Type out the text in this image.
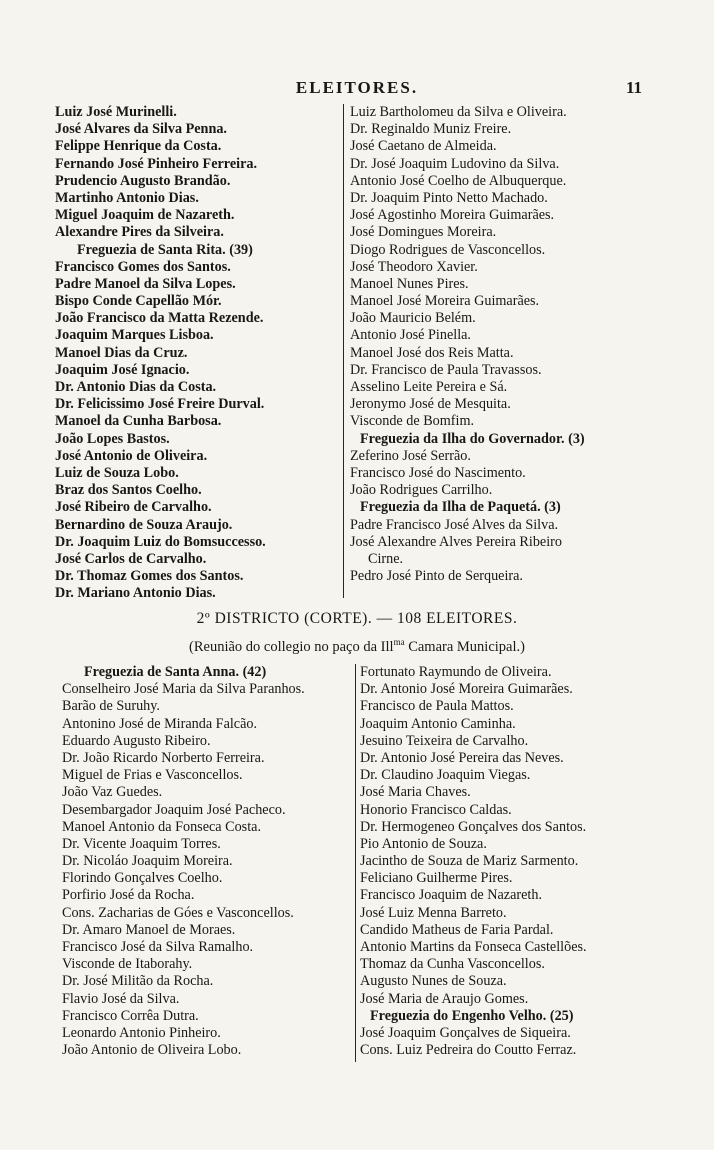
ELEITORES.	11
Luiz José Murinelli.
José Alvares da Silva Penna.
Felippe Henrique da Costa.
Fernando José Pinheiro Ferreira.
Prudencio Augusto Brandão.
Martinho Antonio Dias.
Miguel Joaquim de Nazareth.
Alexandre Pires da Silveira.
Freguezia de Santa Rita. (39)
Francisco Gomes dos Santos.
Padre Manoel da Silva Lopes.
Bispo Conde Capellão Mór.
João Francisco da Matta Rezende.
Joaquim Marques Lisboa.
Manoel Dias da Cruz.
Joaquim José Ignacio.
Dr. Antonio Dias da Costa.
Dr. Felicissimo José Freire Durval.
Manoel da Cunha Barbosa.
João Lopes Bastos.
José Antonio de Oliveira.
Luiz de Souza Lobo.
Braz dos Santos Coelho.
José Ribeiro de Carvalho.
Bernardino de Souza Araujo.
Dr. Joaquim Luiz do Bomsuccesso.
José Carlos de Carvalho.
Dr. Thomaz Gomes dos Santos.
Dr. Mariano Antonio Dias.
Luiz Bartholomeu da Silva e Oliveira.
Dr. Reginaldo Muniz Freire.
José Caetano de Almeida.
Dr. José Joaquim Ludovino da Silva.
Antonio José Coelho de Albuquerque.
Dr. Joaquim Pinto Netto Machado.
José Agostinho Moreira Guimarães.
José Domingues Moreira.
Diogo Rodrigues de Vasconcellos.
José Theodoro Xavier.
Manoel Nunes Pires.
Manoel José Moreira Guimarães.
João Mauricio Belém.
Antonio José Pinella.
Manoel José dos Reis Matta.
Dr. Francisco de Paula Travassos.
Asselino Leite Pereira e Sá.
Jeronymo José de Mesquita.
Visconde de Bomfim.
Freguezia da Ilha do Governador. (3)
Zeferino José Serrão.
Francisco José do Nascimento.
João Rodrigues Carrilho.
Freguezia da Ilha de Paquetá. (3)
Padre Francisco José Alves da Silva.
José Alexandre Alves Pereira Ribeiro
Cirne.
Pedro José Pinto de Serqueira.
2º DISTRICTO (CORTE). — 108 ELEITORES.
(Reunião do collegio no paço da Ill$^{ma}$ Camara Municipal.)
Freguezia de Santa Anna. (42)
Conselheiro José Maria da Silva Paranhos.
Barão de Suruhy.
Antonino José de Miranda Falcão.
Eduardo Augusto Ribeiro.
Dr. João Ricardo Norberto Ferreira.
Miguel de Frias e Vasconcellos.
João Vaz Guedes.
Desembargador Joaquim José Pacheco.
Manoel Antonio da Fonseca Costa.
Dr. Vicente Joaquim Torres.
Dr. Nicoláo Joaquim Moreira.
Florindo Gonçalves Coelho.
Porfirio José da Rocha.
Cons. Zacharias de Góes e Vasconcellos.
Dr. Amaro Manoel de Moraes.
Francisco José da Silva Ramalho.
Visconde de Itaborahy.
Dr. José Militão da Rocha.
Flavio José da Silva.
Francisco Corrêa Dutra.
Leonardo Antonio Pinheiro.
João Antonio de Oliveira Lobo.
Fortunato Raymundo de Oliveira.
Dr. Antonio José Moreira Guimarães.
Francisco de Paula Mattos.
Joaquim Antonio Caminha.
Jesuino Teixeira de Carvalho.
Dr. Antonio José Pereira das Neves.
Dr. Claudino Joaquim Viegas.
José Maria Chaves.
Honorio Francisco Caldas.
Dr. Hermogeneo Gonçalves dos Santos.
Pio Antonio de Souza.
Jacintho de Souza de Mariz Sarmento.
Feliciano Guilherme Pires.
Francisco Joaquim de Nazareth.
José Luiz Menna Barreto.
Candido Matheus de Faria Pardal.
Antonio Martins da Fonseca Castellões.
Thomaz da Cunha Vasconcellos.
Augusto Nunes de Souza.
José Maria de Araujo Gomes.
Freguezia do Engenho Velho. (25)
José Joaquim Gonçalves de Siqueira.
Cons. Luiz Pedreira do Coutto Ferraz.
